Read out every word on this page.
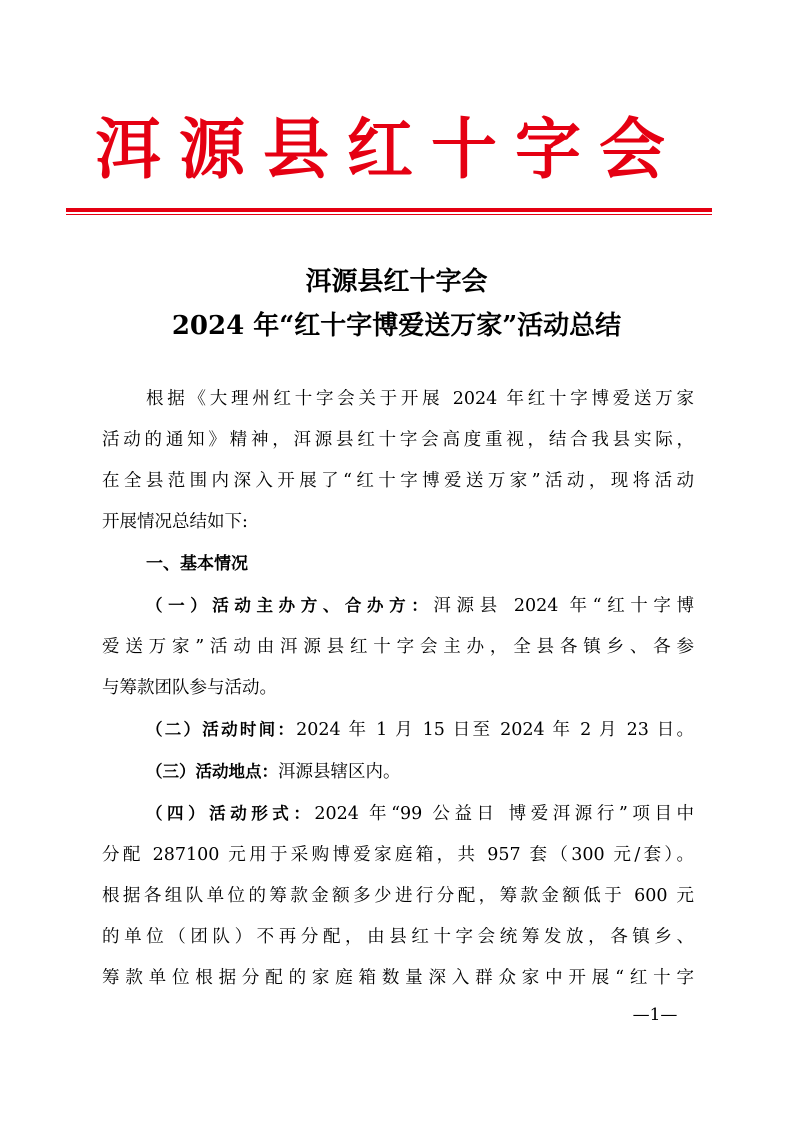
洱源县红十字会
洱源县红十字会
2024 年“红十字博爱送万家”活动总结
根据《大理州红十字会关于开展 2024 年红十字博爱送万家
活动的通知》精神，洱源县红十字会高度重视，结合我县实际，
在全县范围内深入开展了“红十字博爱送万家”活动，现将活动
开展情况总结如下:
一、基本情况
（一）活动主办方、合办方：洱源县 2024 年“红十字博
爱送万家”活动由洱源县红十字会主办，全县各镇乡、各参
与筹款团队参与活动。
（二）活动时间：2024 年 1 月 15 日至 2024 年 2 月 23 日。
（三）活动地点：洱源县辖区内。
（四）活动形式：2024 年“99 公益日 博爱洱源行”项目中
分配 287100 元用于采购博爱家庭箱，共 957 套（300 元/套）。
根据各组队单位的筹款金额多少进行分配，筹款金额低于 600 元
的单位（团队）不再分配，由县红十字会统筹发放，各镇乡、
筹款单位根据分配的家庭箱数量深入群众家中开展“红十字
—1—
